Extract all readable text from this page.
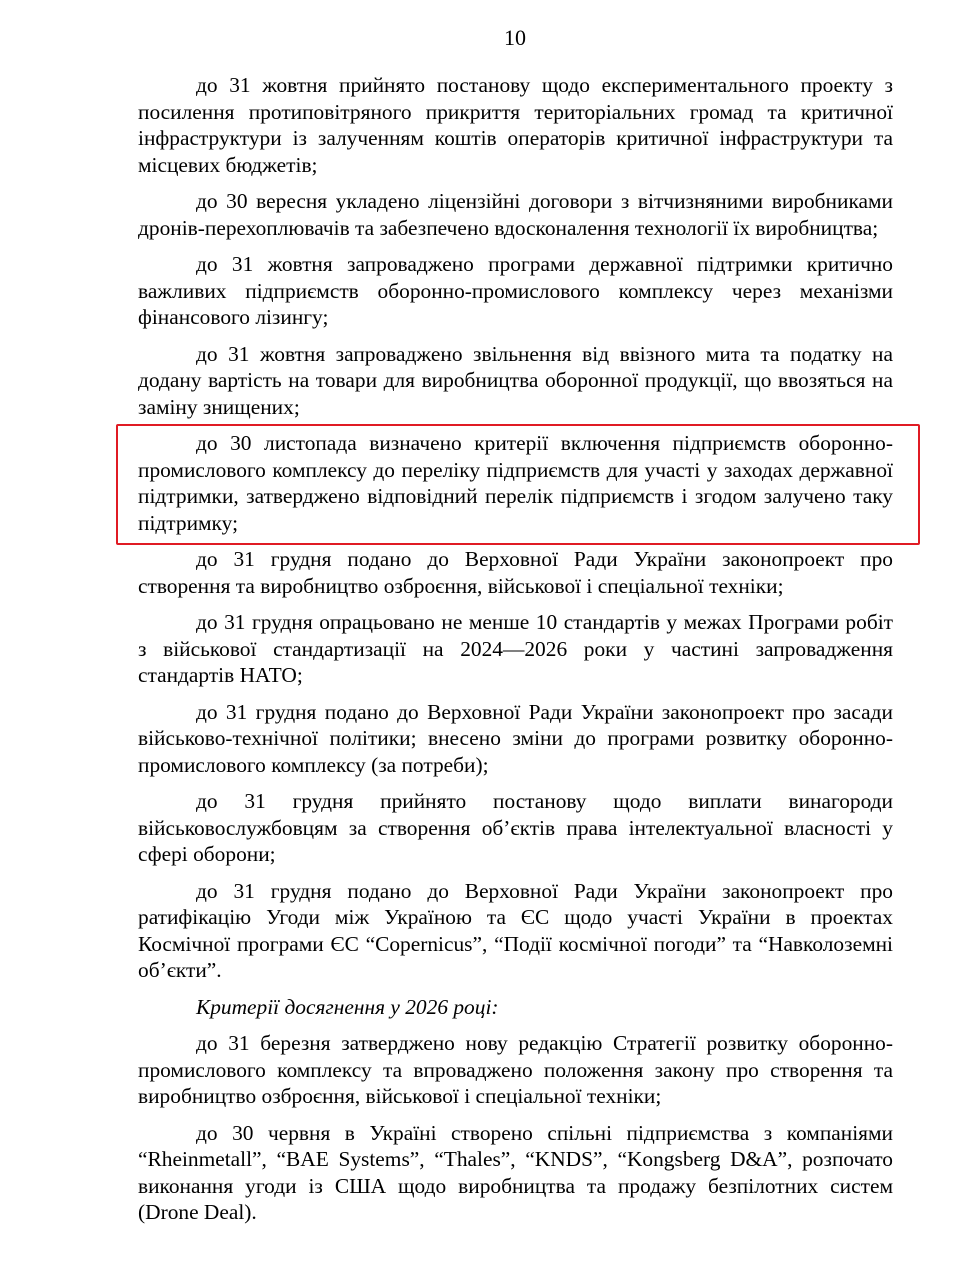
10

до 31 жовтня прийнято постанову щодо експериментального проекту з посилення протиповітряного прикриття територіальних громад та критичної інфраструктури із залученням коштів операторів критичної інфраструктури та місцевих бюджетів;

до 30 вересня укладено ліцензійні договори з вітчизняними виробниками дронів-перехоплювачів та забезпечено вдосконалення технології їх виробництва;

до 31 жовтня запроваджено програми державної підтримки критично важливих підприємств оборонно-промислового комплексу через механізми фінансового лізингу;

до 31 жовтня запроваджено звільнення від ввізного мита та податку на додану вартість на товари для виробництва оборонної продукції, що ввозяться на заміну знищених;

до 30 листопада визначено критерії включення підприємств оборонно-промислового комплексу до переліку підприємств для участі у заходах державної підтримки, затверджено відповідний перелік підприємств і згодом залучено таку підтримку;

до 31 грудня подано до Верховної Ради України законопроект про створення та виробництво озброєння, військової і спеціальної техніки;

до 31 грудня опрацьовано не менше 10 стандартів у межах Програми робіт з військової стандартизації на 2024—2026 роки у частині запровадження стандартів НАТО;

до 31 грудня подано до Верховної Ради України законопроект про засади військово-технічної політики; внесено зміни до програми розвитку оборонно-промислового комплексу (за потреби);

до 31 грудня прийнято постанову щодо виплати винагороди військовослужбовцям за створення об’єктів права інтелектуальної власності у сфері оборони;

до 31 грудня подано до Верховної Ради України законопроект про ратифікацію Угоди між Україною та ЄС щодо участі України в проектах Космічної програми ЄС “Copernicus”, “Події космічної погоди” та “Навколоземні об’єкти”.

Критерії досягнення у 2026 році:

до 31 березня затверджено нову редакцію Стратегії розвитку оборонно-промислового комплексу та впроваджено положення закону про створення та виробництво озброєння, військової і спеціальної техніки;

до 30 червня в Україні створено спільні підприємства з компаніями “Rheinmetall”, “BAE Systems”, “Thales”, “KNDS”, “Kongsberg D&A”, розпочато виконання угоди із США щодо виробництва та продажу безпілотних систем (Drone Deal).
